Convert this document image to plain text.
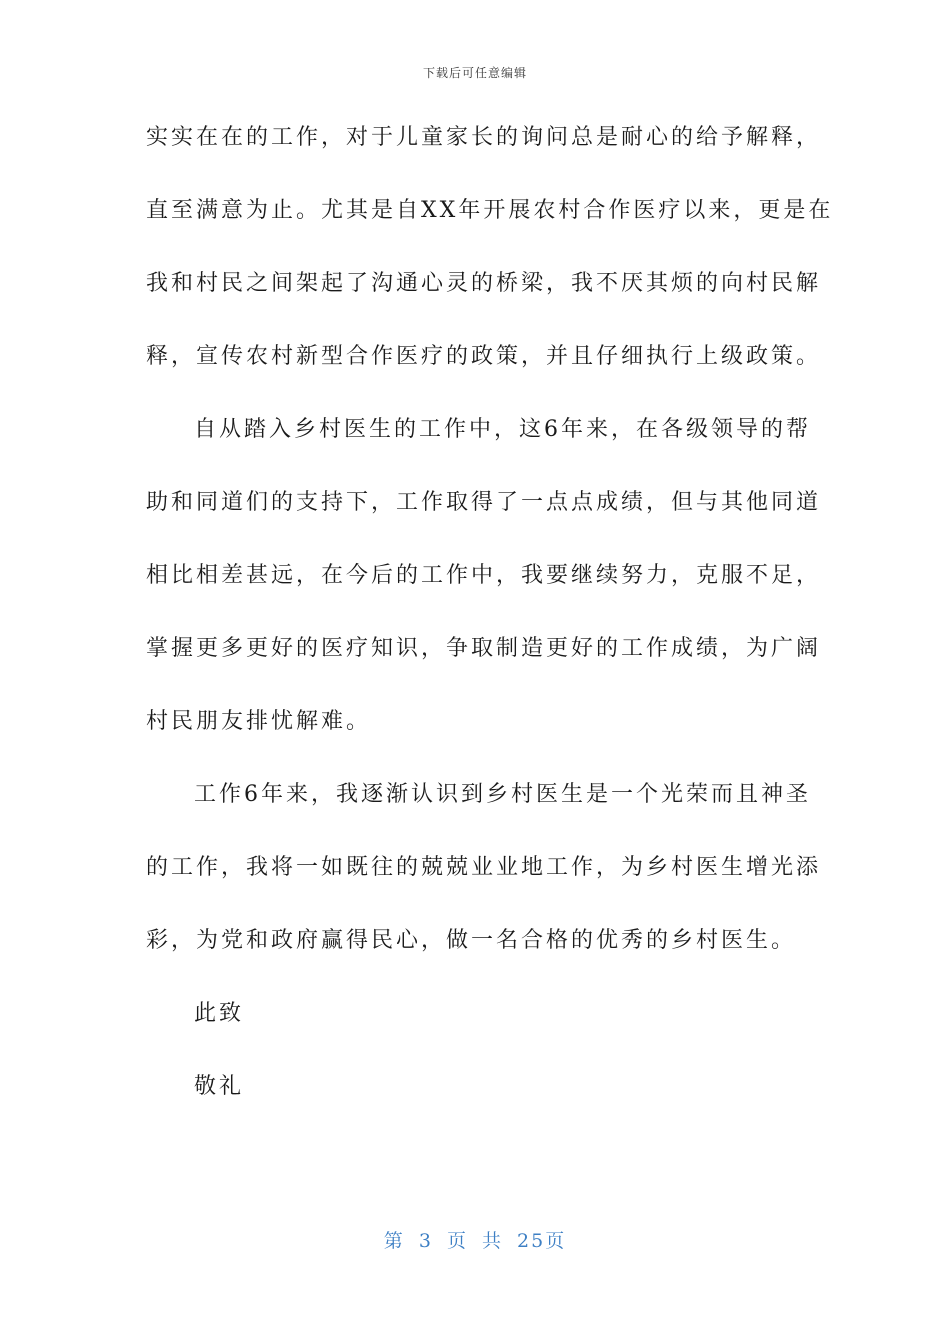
下载后可任意编辑
实实在在的工作，对于儿童家长的询问总是耐心的给予解释，
直至满意为止。尤其是自XX年开展农村合作医疗以来，更是在
我和村民之间架起了沟通心灵的桥梁，我不厌其烦的向村民解
释，宣传农村新型合作医疗的政策，并且仔细执行上级政策。
自从踏入乡村医生的工作中，这6年来，在各级领导的帮
助和同道们的支持下，工作取得了一点点成绩，但与其他同道
相比相差甚远，在今后的工作中，我要继续努力，克服不足，
掌握更多更好的医疗知识，争取制造更好的工作成绩，为广阔
村民朋友排忧解难。
工作6年来，我逐渐认识到乡村医生是一个光荣而且神圣
的工作，我将一如既往的兢兢业业地工作，为乡村医生增光添
彩，为党和政府赢得民心，做一名合格的优秀的乡村医生。
此致
敬礼
第 3 页 共 25页
